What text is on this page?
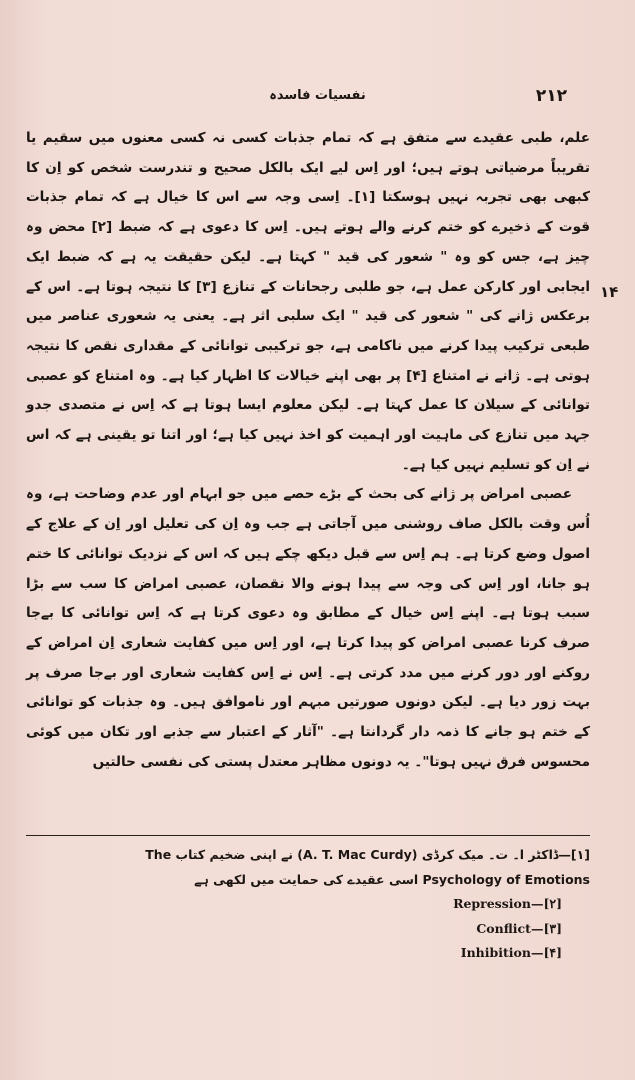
۲۱۲
نفسیات فاسدہ
۱۴

علم، طبی عقیدے سے متفق ہے کہ تمام جذبات کسی نہ کسی معنوں میں سقیم یا تقریباً مرضیاتی ہوتے ہیں؛ اور اِس لیے ایک بالکل صحیح و تندرست شخص کو اِن کا کبھی بھی تجربہ نہیں ہوسکتا [۱]۔ اِسی وجہ سے اس کا خیال ہے کہ تمام جذبات قوت کے ذخیرے کو ختم کرنے والے ہوتے ہیں۔ اِس کا دعوی ہے کہ ضبط [۲] محض وہ چیز ہے، جس کو وہ " شعور کی قید " کہتا ہے۔ لیکن حقیقت یہ ہے کہ ضبط ایک ایجابی اور کارکن عمل ہے، جو طلبی رجحانات کے تنازع [۳] کا نتیجہ ہوتا ہے۔ اس کے برعکس ژانے کی " شعور کی قید " ایک سلبی اثر ہے۔ یعنی یہ شعوری عناصر میں طبعی ترکیب پیدا کرنے میں ناکامی ہے، جو ترکیبی توانائی کے مقداری نقص کا نتیجہ ہوتی ہے۔ ژانے نے امتناع [۴] پر بھی اپنے خیالات کا اظہار کیا ہے۔ وہ امتناع کو عصبی توانائی کے سیلان کا عمل کہتا ہے۔ لیکن معلوم ایسا ہوتا ہے کہ اِس نے متصدی جدو جہد میں تنازع کی ماہیت اور اہمیت کو اخذ نہیں کیا ہے؛ اور اتنا تو یقینی ہے کہ اس نے اِن کو تسلیم نہیں کیا ہے۔

عصبی امراض پر ژانے کی بحث کے بڑے حصے میں جو ابہام اور عدم وضاحت ہے، وہ اُس وقت بالکل صاف روشنی میں آجاتی ہے جب وہ اِن کی تعلیل اور اِن کے علاج کے اصول وضع کرتا ہے۔ ہم اِس سے قبل دیکھ چکے ہیں کہ اس کے نزدیک توانائی کا ختم ہو جانا، اور اِس کی وجہ سے پیدا ہونے والا نقصان، عصبی امراض کا سب سے بڑا سبب ہوتا ہے۔ اپنے اِس خیال کے مطابق وہ دعوی کرتا ہے کہ اِس توانائی کا بےجا صرف کرنا عصبی امراض کو پیدا کرتا ہے، اور اِس میں کفایت شعاری اِن امراض کے روکنے اور دور کرنے میں مدد کرتی ہے۔ اِس نے اِس کفایت شعاری اور بےجا صرف پر بہت زور دیا ہے۔ لیکن دونوں صورتیں مبہم اور ناموافق ہیں۔ وہ جذبات کو توانائی کے ختم ہو جانے کا ذمہ دار گردانتا ہے۔ "آثار کے اعتبار سے جذبے اور تکان میں کوئی محسوس فرق نہیں ہوتا"۔ یہ دونوں مظاہر معتدل پستی کی نفسی حالتیں

[۱]—ڈاکٹر ا۔ ت۔ میک کرڈی (A. T. Mac Curdy) نے اپنی ضخیم کتاب The
Psychology of Emotions اسی عقیدے کی حمایت میں لکھی ہے
[۲]—Repression
[۳]—Conflict
[۴]—Inhibition
